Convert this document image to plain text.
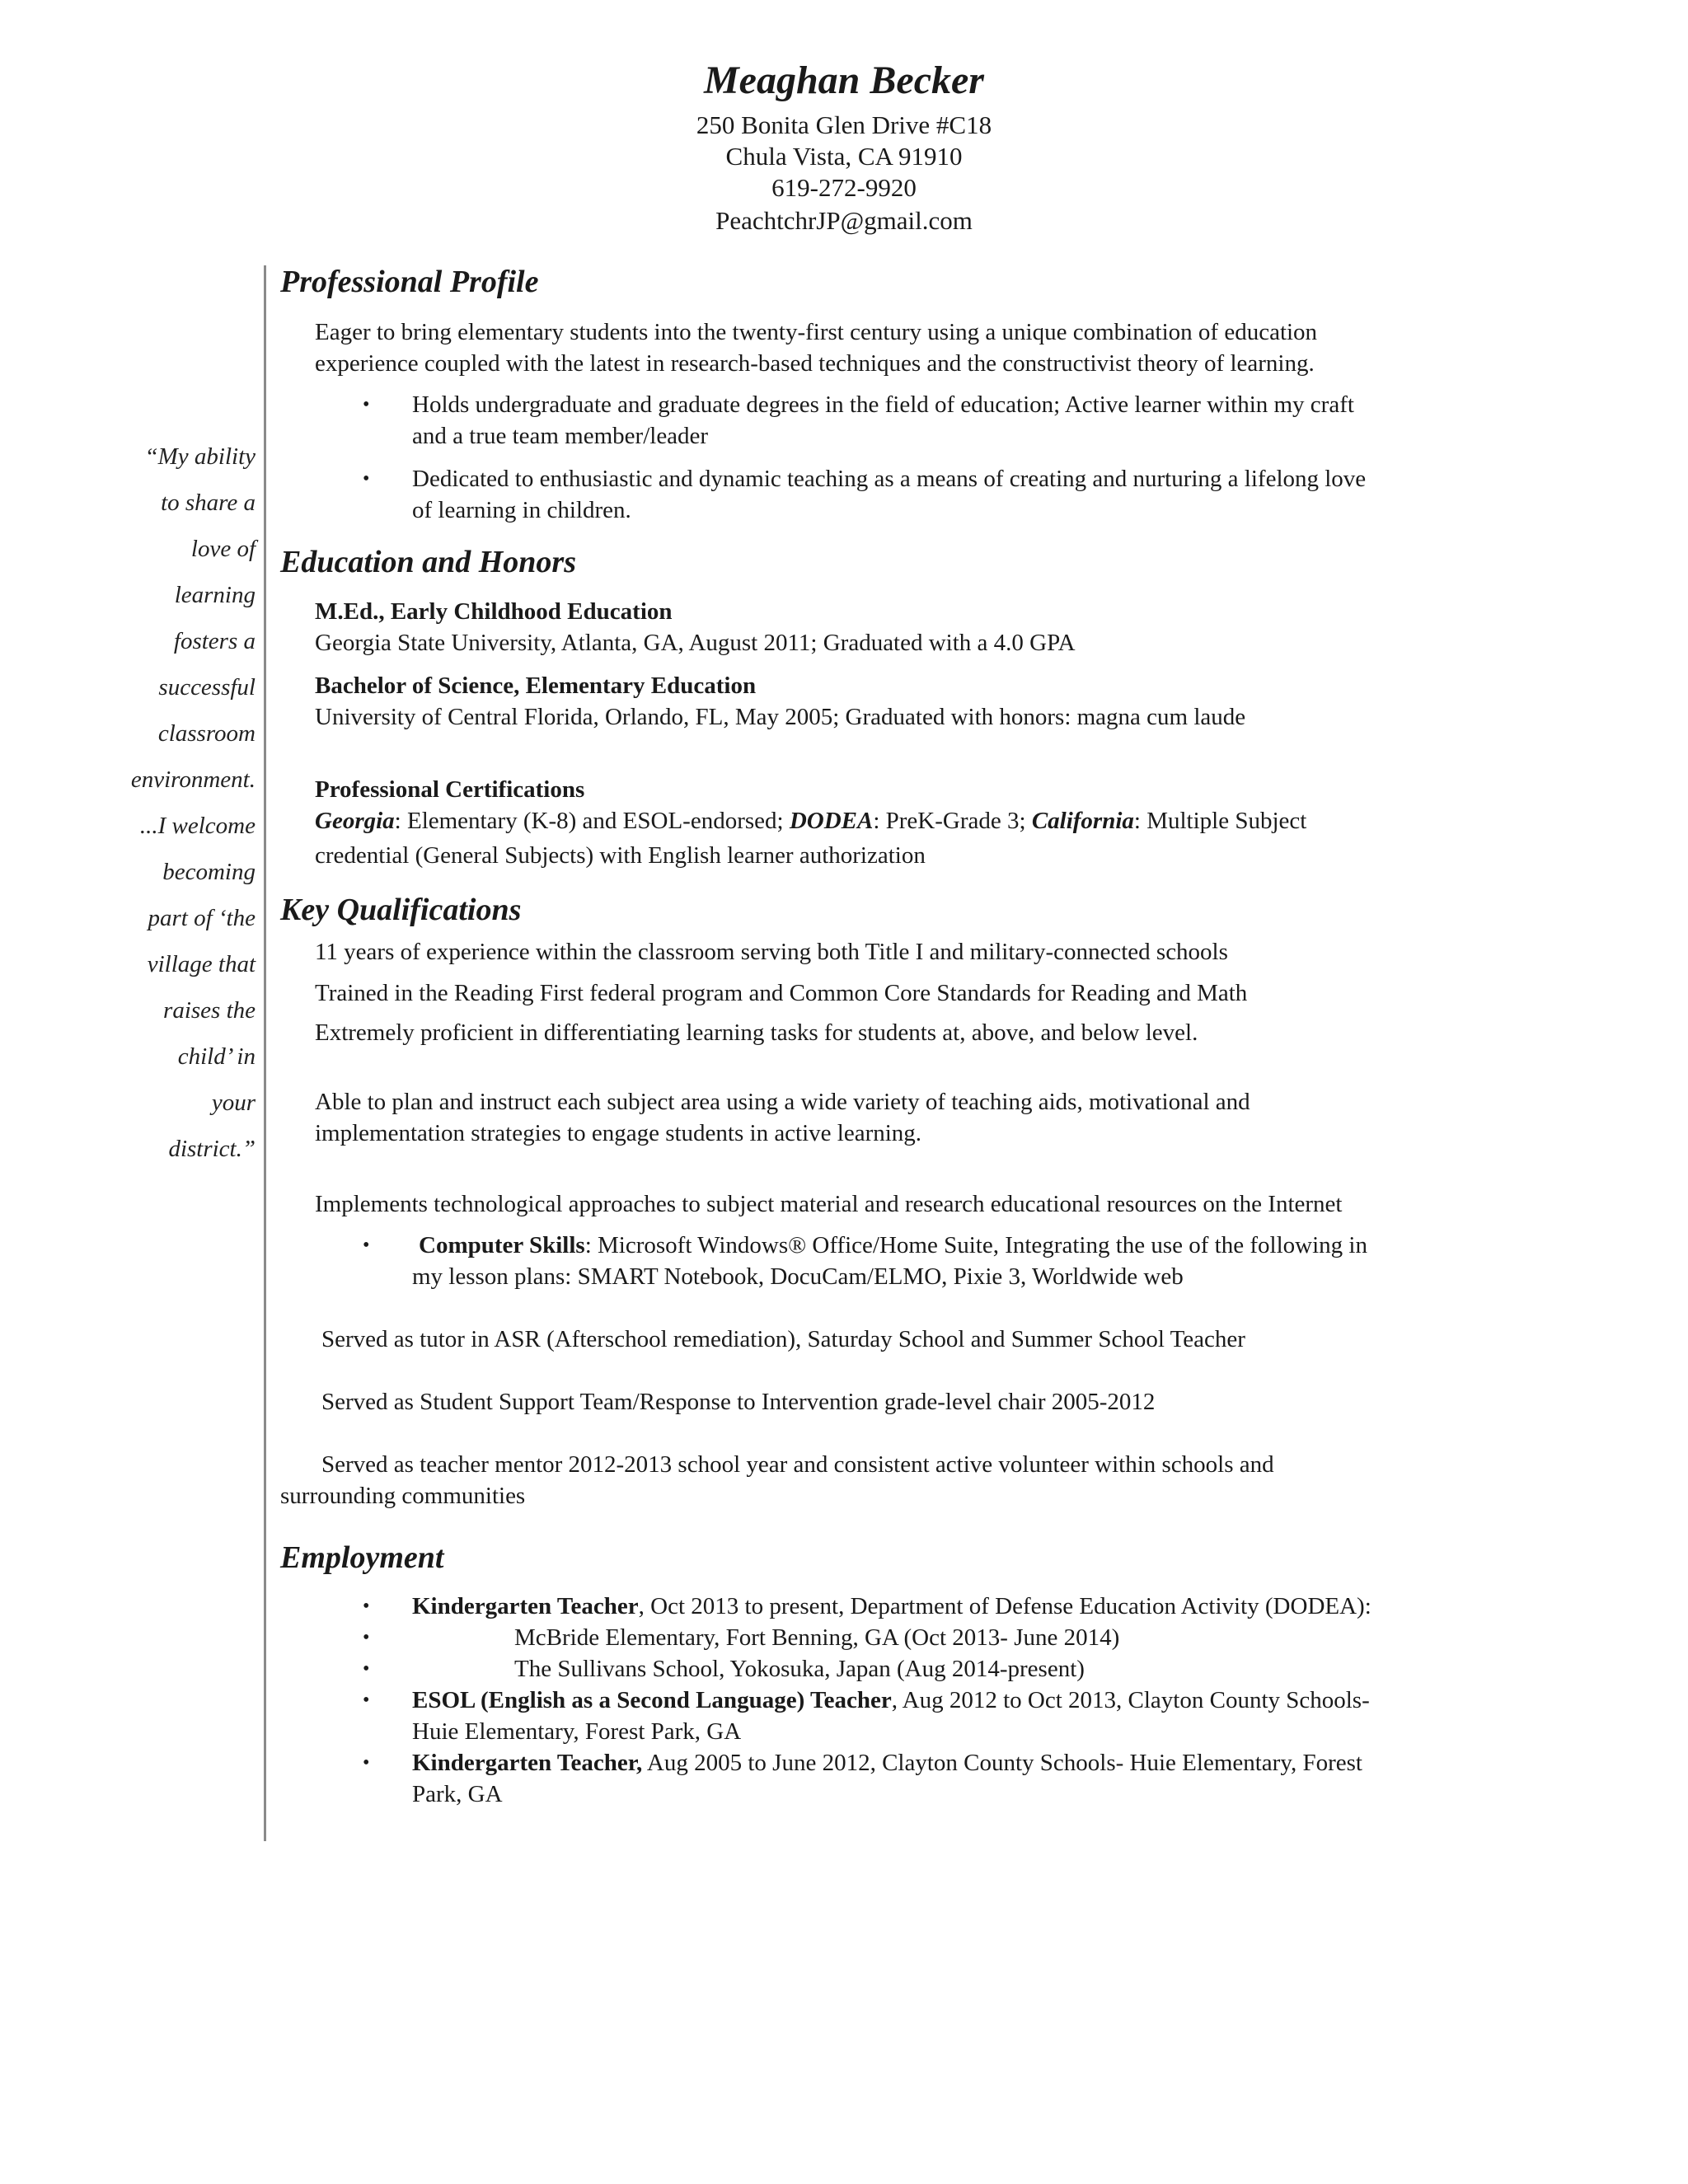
Meaghan Becker
250 Bonita Glen Drive #C18
Chula Vista, CA 91910
619-272-9920
PeachtchrJP@gmail.com
“My ability
to share a
love of
learning
fosters a
successful
classroom
environment.
...I welcome
becoming
part of ‘the
village that
raises the
child’ in
your
district.”
Professional Profile
Eager to bring elementary students into the twenty-first century using a unique combination of education
experience coupled with the latest in research-based techniques and the constructivist theory of learning.
•	Holds undergraduate and graduate degrees in the field of education; Active learner within my craft
and a true team member/leader
•	Dedicated to enthusiastic and dynamic teaching as a means of creating and nurturing a lifelong love
of learning in children.
Education and Honors
M.Ed., Early Childhood Education
Georgia State University, Atlanta, GA, August 2011; Graduated with a 4.0 GPA
Bachelor of Science, Elementary Education
University of Central Florida, Orlando, FL, May 2005; Graduated with honors: magna cum laude
Professional Certifications
Georgia: Elementary (K-8) and ESOL-endorsed; DODEA: PreK-Grade 3; California: Multiple Subject
credential (General Subjects) with English learner authorization
Key Qualifications
11 years of experience within the classroom serving both Title I and military-connected schools
Trained in the Reading First federal program and Common Core Standards for Reading and Math
Extremely proficient in differentiating learning tasks for students at, above, and below level.
Able to plan and instruct each subject area using a wide variety of teaching aids, motivational and
implementation strategies to engage students in active learning.
Implements technological approaches to subject material and research educational resources on the Internet
•	Computer Skills: Microsoft Windows® Office/Home Suite, Integrating the use of the following in
my lesson plans: SMART Notebook, DocuCam/ELMO, Pixie 3, Worldwide web
Served as tutor in ASR (Afterschool remediation), Saturday School and Summer School Teacher
Served as Student Support Team/Response to Intervention grade-level chair 2005-2012
Served as teacher mentor 2012-2013 school year and consistent active volunteer within schools and
surrounding communities
Employment
•	Kindergarten Teacher, Oct 2013 to present, Department of Defense Education Activity (DODEA):
•	McBride Elementary, Fort Benning, GA (Oct 2013- June 2014)
•	The Sullivans School, Yokosuka, Japan (Aug 2014-present)
•	ESOL (English as a Second Language) Teacher, Aug 2012 to Oct 2013, Clayton County Schools-
Huie Elementary, Forest Park, GA
•	Kindergarten Teacher, Aug 2005 to June 2012, Clayton County Schools- Huie Elementary, Forest
Park, GA
